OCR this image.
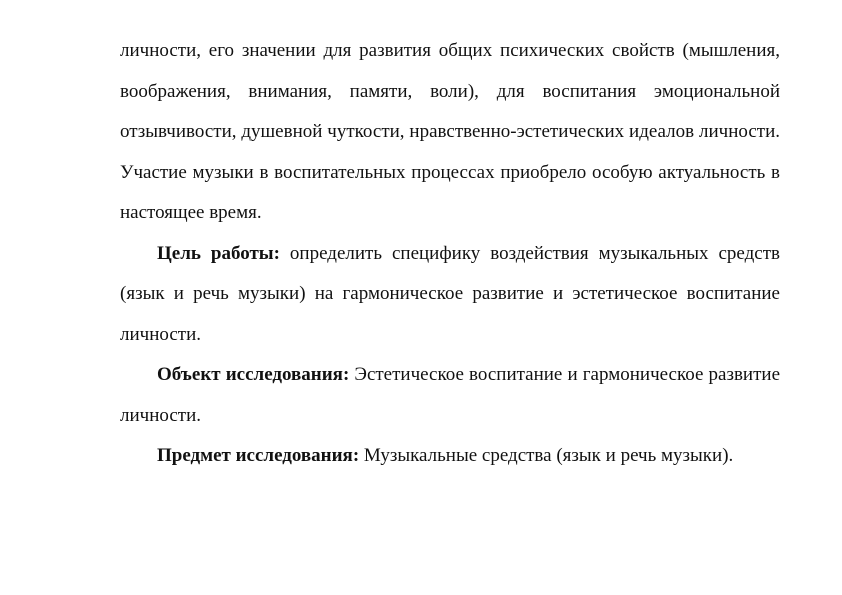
личности, его значении для развития общих психических свойств (мышления, воображения, внимания, памяти, воли), для воспитания эмоциональной отзывчивости, душевной чуткости, нравственно-эстетических идеалов личности. Участие музыки в воспитательных процессах приобрело особую актуальность в настоящее время.

Цель работы: определить специфику воздействия музыкальных средств (язык и речь музыки) на гармоническое развитие и эстетическое воспитание личности.

Объект исследования: Эстетическое воспитание и гармоническое развитие личности.

Предмет исследования: Музыкальные средства (язык и речь музыки).
